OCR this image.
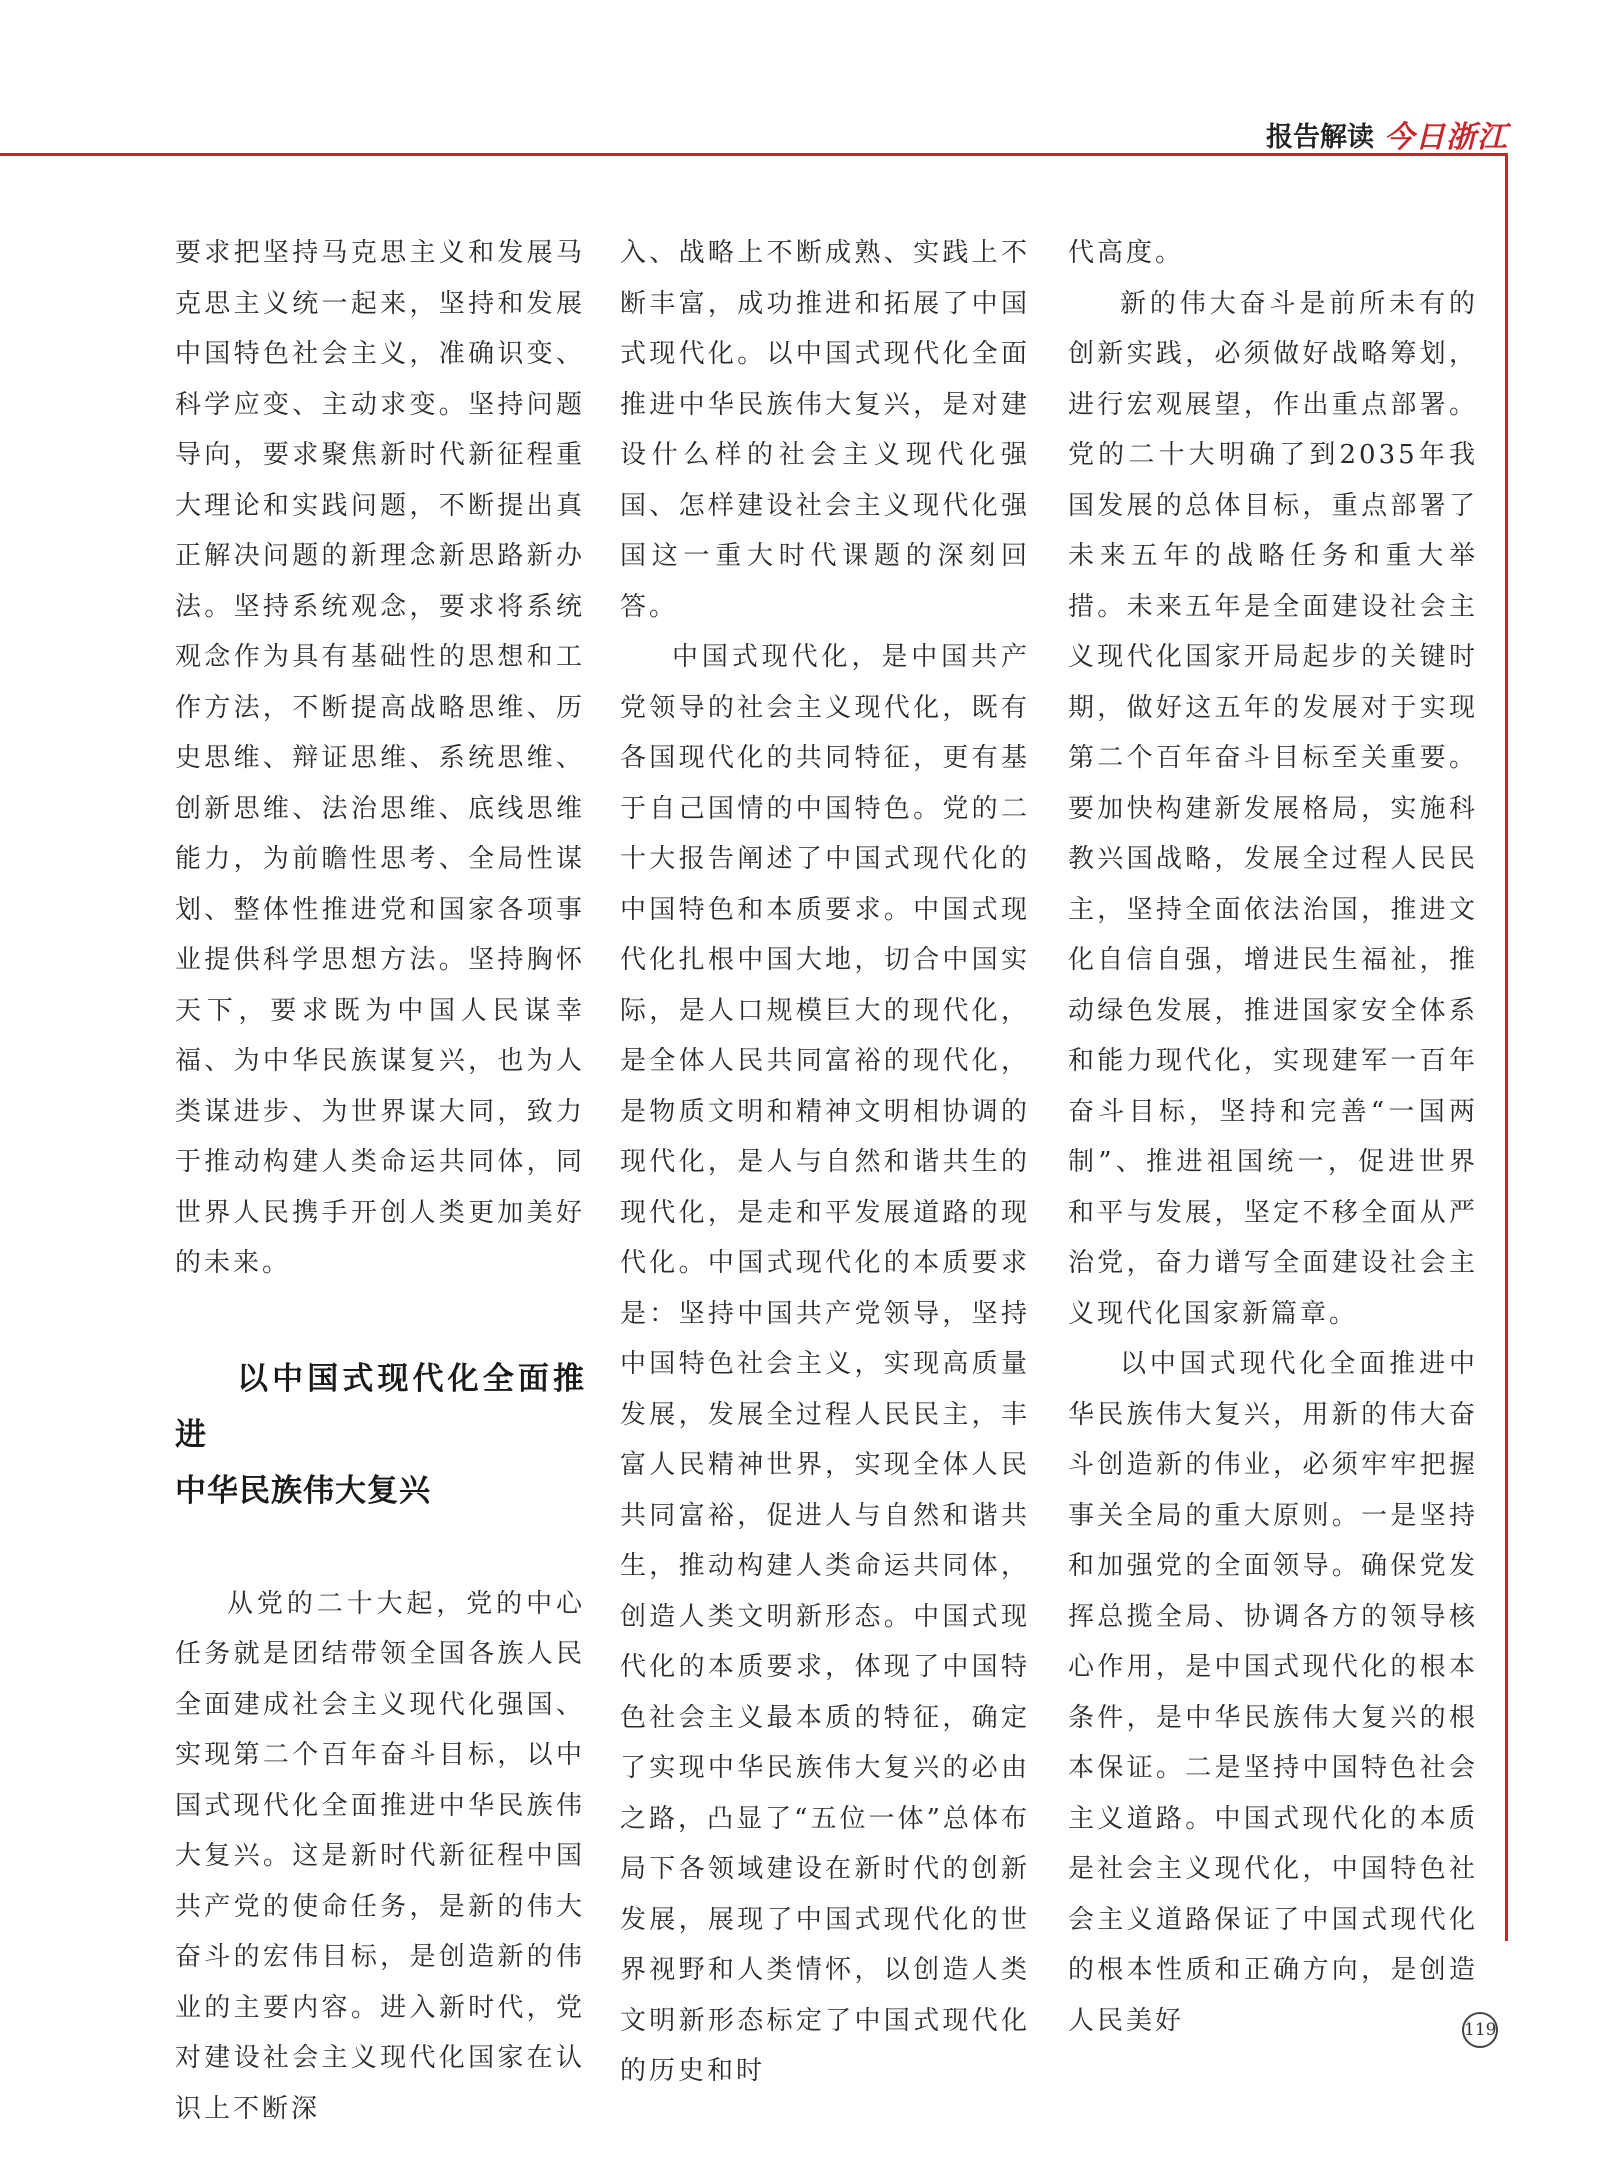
报告解读 今日浙江

要求把坚持马克思主义和发展马克思主义统一起来，坚持和发展中国特色社会主义，准确识变、科学应变、主动求变。坚持问题导向，要求聚焦新时代新征程重大理论和实践问题，不断提出真正解决问题的新理念新思路新办法。坚持系统观念，要求将系统观念作为具有基础性的思想和工作方法，不断提高战略思维、历史思维、辩证思维、系统思维、创新思维、法治思维、底线思维能力，为前瞻性思考、全局性谋划、整体性推进党和国家各项事业提供科学思想方法。坚持胸怀天下，要求既为中国人民谋幸福、为中华民族谋复兴，也为人类谋进步、为世界谋大同，致力于推动构建人类命运共同体，同世界人民携手开创人类更加美好的未来。

以中国式现代化全面推进
中华民族伟大复兴

从党的二十大起，党的中心任务就是团结带领全国各族人民全面建成社会主义现代化强国、实现第二个百年奋斗目标，以中国式现代化全面推进中华民族伟大复兴。这是新时代新征程中国共产党的使命任务，是新的伟大奋斗的宏伟目标，是创造新的伟业的主要内容。进入新时代，党对建设社会主义现代化国家在认识上不断深

入、战略上不断成熟、实践上不断丰富，成功推进和拓展了中国式现代化。以中国式现代化全面推进中华民族伟大复兴，是对建设什么样的社会主义现代化强国、怎样建设社会主义现代化强国这一重大时代课题的深刻回答。

中国式现代化，是中国共产党领导的社会主义现代化，既有各国现代化的共同特征，更有基于自己国情的中国特色。党的二十大报告阐述了中国式现代化的中国特色和本质要求。中国式现代化扎根中国大地，切合中国实际，是人口规模巨大的现代化，是全体人民共同富裕的现代化，是物质文明和精神文明相协调的现代化，是人与自然和谐共生的现代化，是走和平发展道路的现代化。中国式现代化的本质要求是：坚持中国共产党领导，坚持中国特色社会主义，实现高质量发展，发展全过程人民民主，丰富人民精神世界，实现全体人民共同富裕，促进人与自然和谐共生，推动构建人类命运共同体，创造人类文明新形态。中国式现代化的本质要求，体现了中国特色社会主义最本质的特征，确定了实现中华民族伟大复兴的必由之路，凸显了“五位一体”总体布局下各领域建设在新时代的创新发展，展现了中国式现代化的世界视野和人类情怀，以创造人类文明新形态标定了中国式现代化的历史和时

代高度。

新的伟大奋斗是前所未有的创新实践，必须做好战略筹划，进行宏观展望，作出重点部署。党的二十大明确了到2035年我国发展的总体目标，重点部署了未来五年的战略任务和重大举措。未来五年是全面建设社会主义现代化国家开局起步的关键时期，做好这五年的发展对于实现第二个百年奋斗目标至关重要。要加快构建新发展格局，实施科教兴国战略，发展全过程人民民主，坚持全面依法治国，推进文化自信自强，增进民生福祉，推动绿色发展，推进国家安全体系和能力现代化，实现建军一百年奋斗目标，坚持和完善“一国两制”、推进祖国统一，促进世界和平与发展，坚定不移全面从严治党，奋力谱写全面建设社会主义现代化国家新篇章。

以中国式现代化全面推进中华民族伟大复兴，用新的伟大奋斗创造新的伟业，必须牢牢把握事关全局的重大原则。一是坚持和加强党的全面领导。确保党发挥总揽全局、协调各方的领导核心作用，是中国式现代化的根本条件，是中华民族伟大复兴的根本保证。二是坚持中国特色社会主义道路。中国式现代化的本质是社会主义现代化，中国特色社会主义道路保证了中国式现代化的根本性质和正确方向，是创造人民美好	119
